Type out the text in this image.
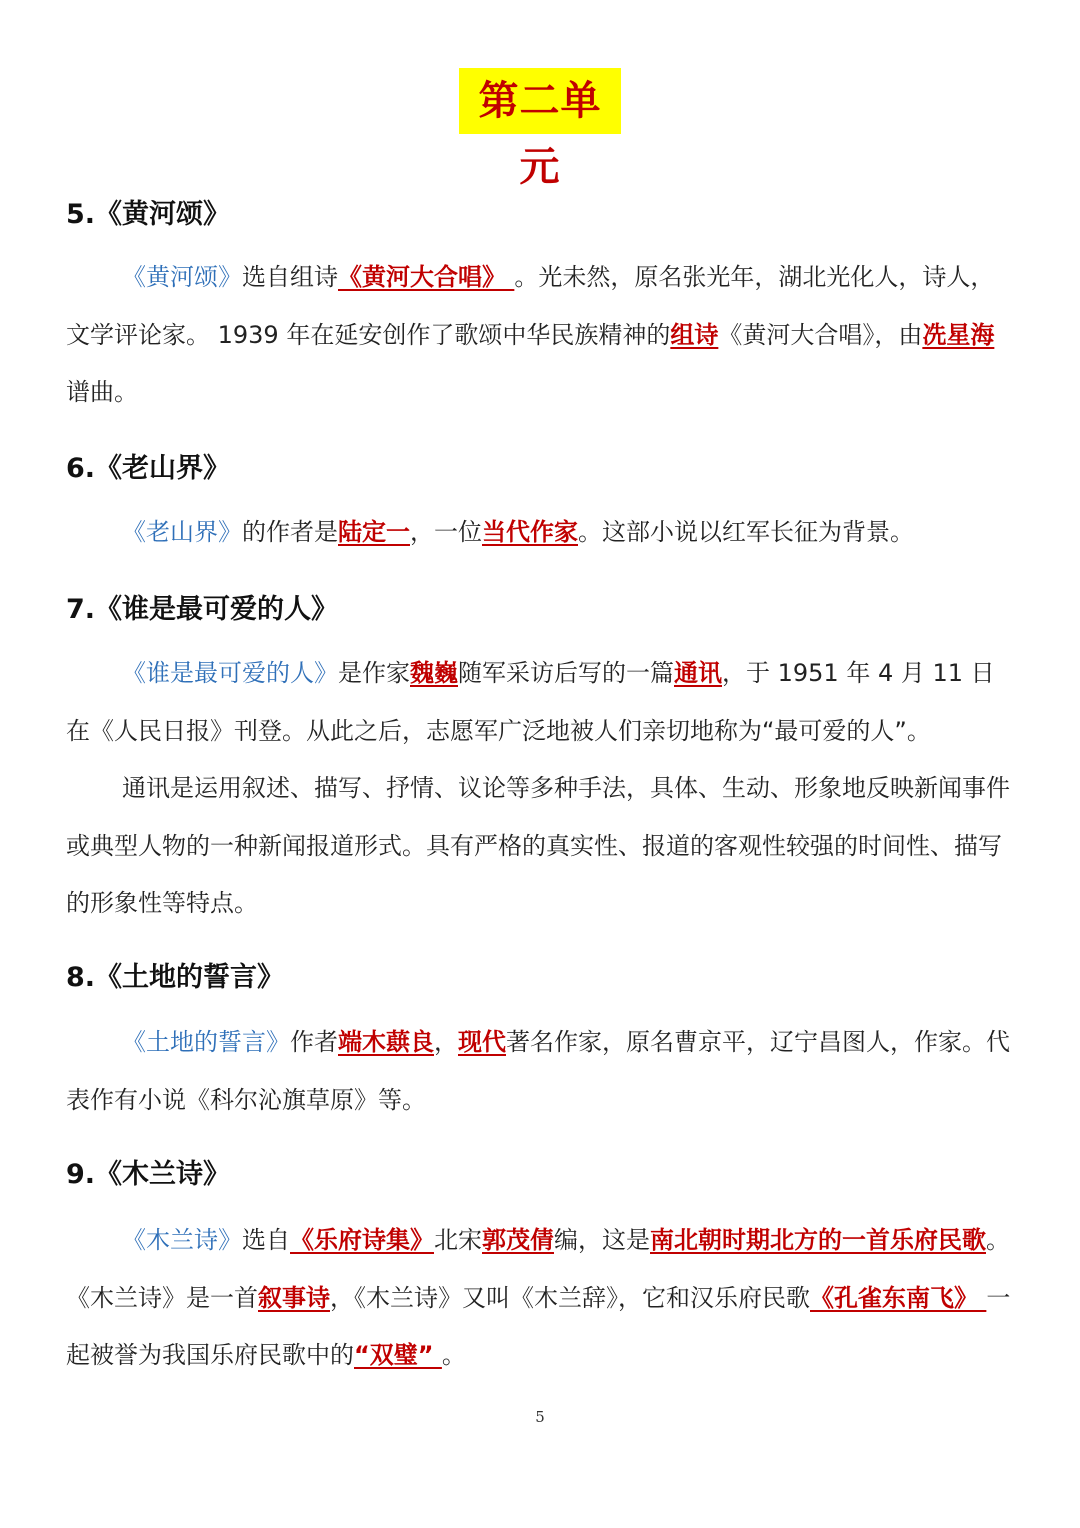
第二单元
5.《黄河颂》

《黄河颂》选自组诗《黄河大合唱》 。光未然，原名张光年，湖北光化人，诗人，文学评论家。 1939 年在延安创作了歌颂中华民族精神的组诗《黄河大合唱》，由冼星海谱曲。

6.《老山界》

《老山界》的作者是陆定一，一位当代作家。这部小说以红军长征为背景。

7.《谁是最可爱的人》

《谁是最可爱的人》是作家魏巍随军采访后写的一篇通讯，于 1951 年 4 月 11 日在《人民日报》刊登。从此之后，志愿军广泛地被人们亲切地称为“最可爱的人”。

通讯是运用叙述、描写、抒情、议论等多种手法，具体、生动、形象地反映新闻事件或典型人物的一种新闻报道形式。具有严格的真实性、报道的客观性较强的时间性、描写的形象性等特点。

8.《土地的誓言》

《土地的誓言》作者端木蕻良，现代著名作家，原名曹京平，辽宁昌图人，作家。代表作有小说《科尔沁旗草原》等。

9.《木兰诗》

《木兰诗》选自《乐府诗集》北宋郭茂倩编，这是南北朝时期北方的一首乐府民歌。《木兰诗》是一首叙事诗，《木兰诗》又叫《木兰辞》，它和汉乐府民歌《孔雀东南飞》 一起被誉为我国乐府民歌中的“双璧” 。

5
